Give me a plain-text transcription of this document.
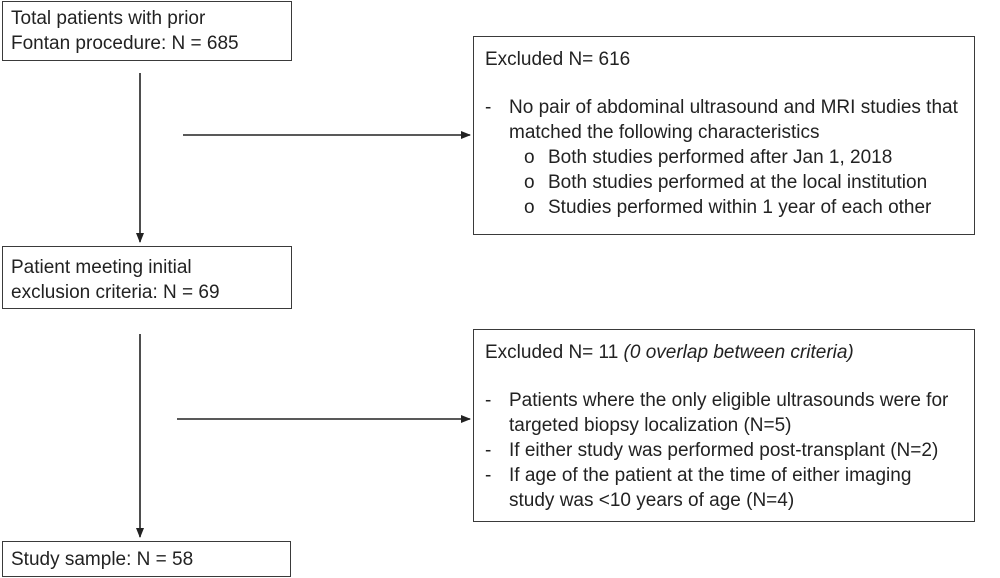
Total patients with prior
Fontan procedure: N = 685
Patient meeting initial
exclusion criteria: N = 69
Study sample: N = 58
Excluded N= 616
- No pair of abdominal ultrasound and MRI studies that
matched the following characteristics
o Both studies performed after Jan 1, 2018
o Both studies performed at the local institution
o Studies performed within 1 year of each other
Excluded N= 11 (0 overlap between criteria)
- Patients where the only eligible ultrasounds were for
targeted biopsy localization (N=5)
- If either study was performed post-transplant (N=2)
- If age of the patient at the time of either imaging
study was <10 years of age (N=4)
